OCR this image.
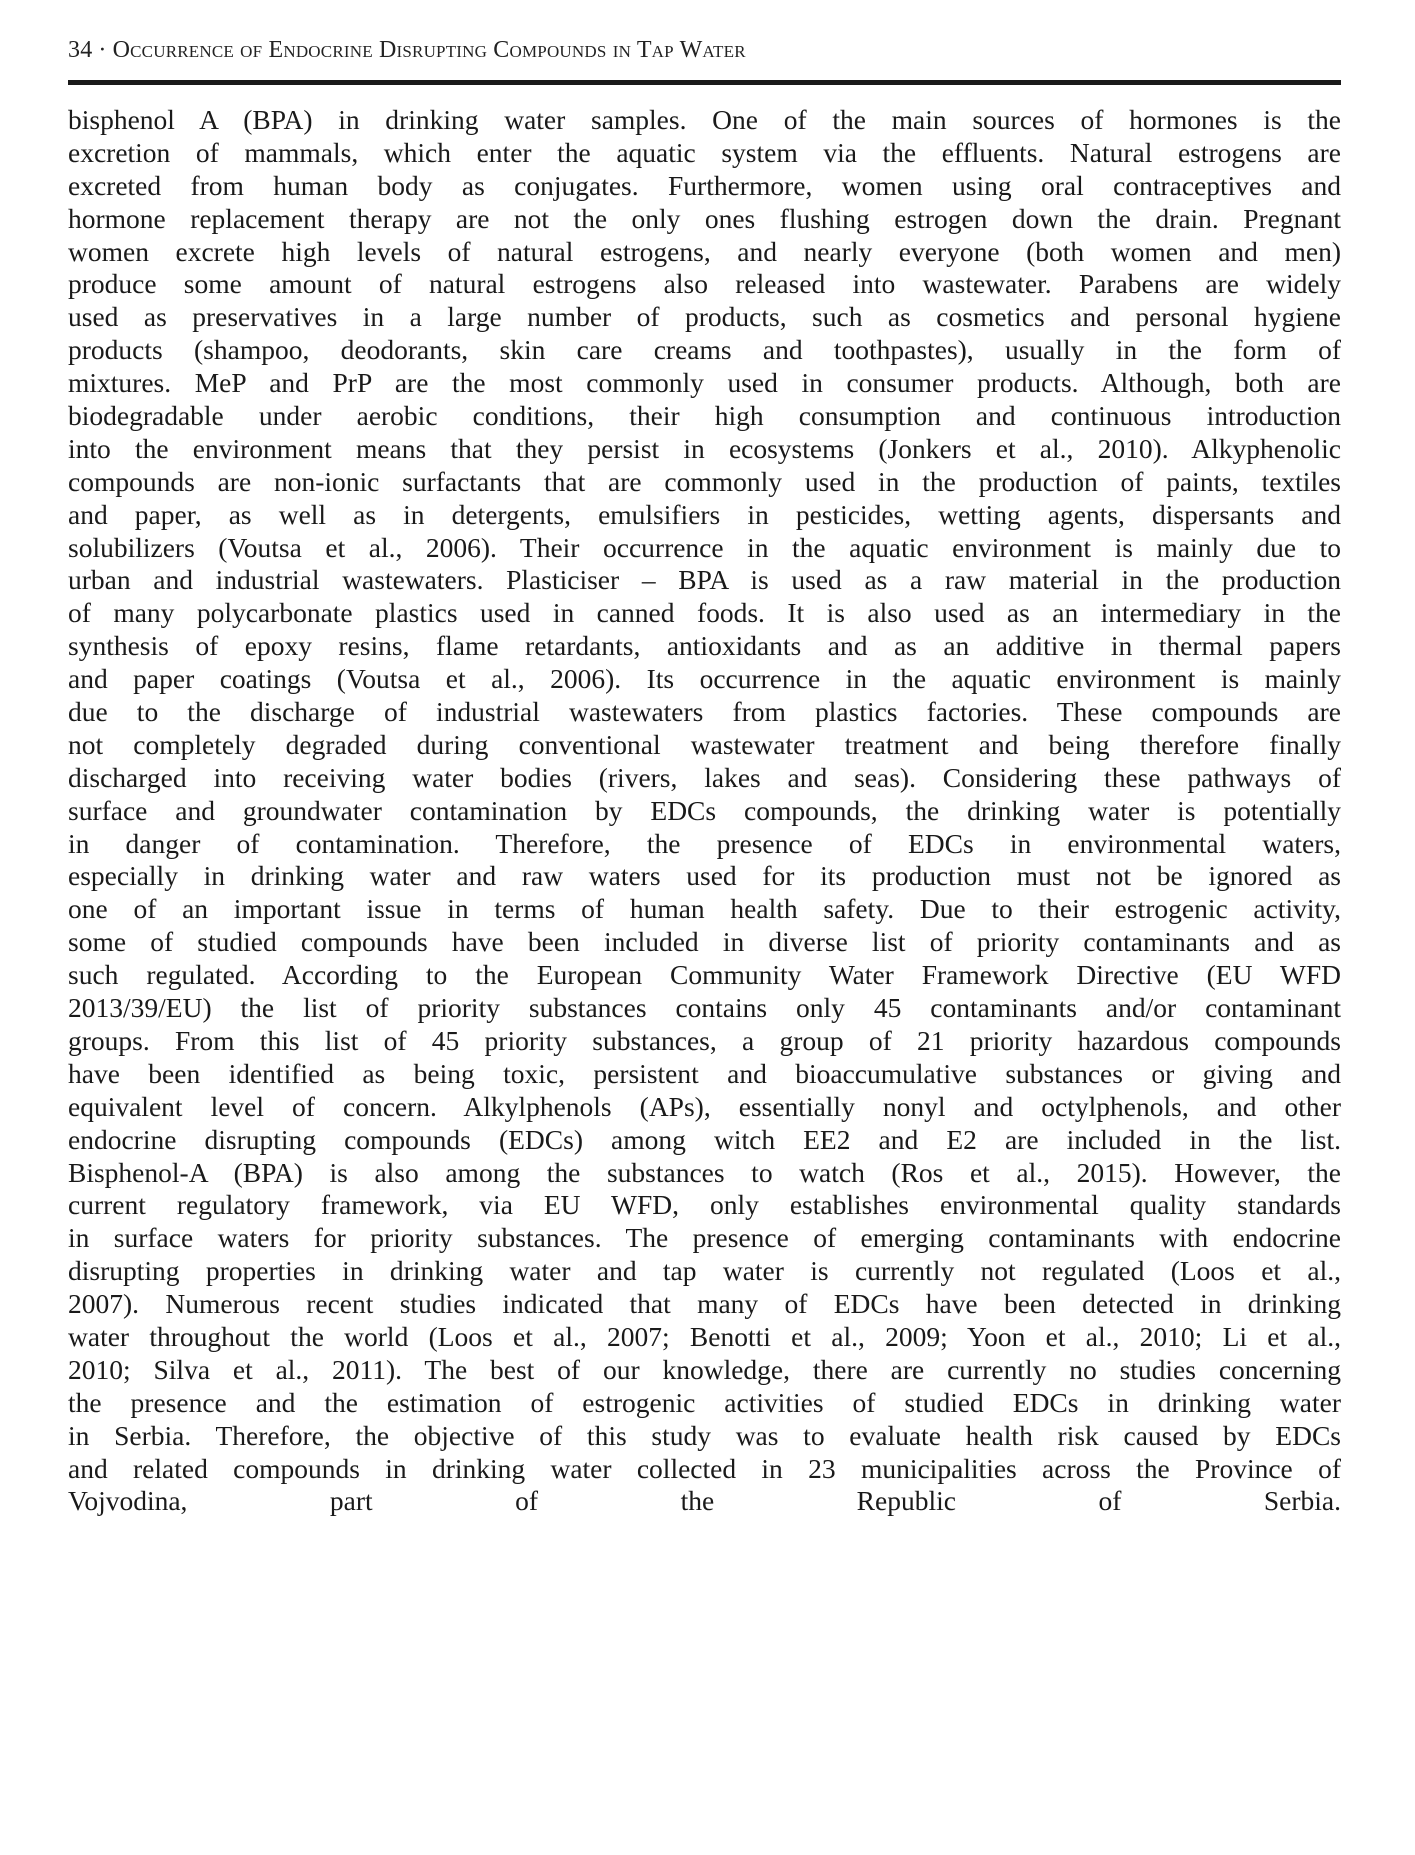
34 · Occurrence of Endocrine Disrupting Compounds in Tap Water
bisphenol A (BPA) in drinking water samples. One of the main sources of hormones is the
excretion of mammals, which enter the aquatic system via the effluents. Natural estrogens are
excreted from human body as conjugates. Furthermore, women using oral contraceptives and
hormone replacement therapy are not the only ones flushing estrogen down the drain. Pregnant
women excrete high levels of natural estrogens, and nearly everyone (both women and men)
produce some amount of natural estrogens also released into wastewater. Parabens are widely
used as preservatives in a large number of products, such as cosmetics and personal hygiene
products (shampoo, deodorants, skin care creams and toothpastes), usually in the form of
mixtures. MeP and PrP are the most commonly used in consumer products. Although, both are
biodegradable under aerobic conditions, their high consumption and continuous introduction
into the environment means that they persist in ecosystems (Jonkers et al., 2010). Alkyphenolic
compounds are non-ionic surfactants that are commonly used in the production of paints, textiles
and paper, as well as in detergents, emulsifiers in pesticides, wetting agents, dispersants and
solubilizers (Voutsa et al., 2006). Their occurrence in the aquatic environment is mainly due to
urban and industrial wastewaters. Plasticiser – BPA is used as a raw material in the production
of many polycarbonate plastics used in canned foods. It is also used as an intermediary in the
synthesis of epoxy resins, flame retardants, antioxidants and as an additive in thermal papers
and paper coatings (Voutsa et al., 2006). Its occurrence in the aquatic environment is mainly
due to the discharge of industrial wastewaters from plastics factories. These compounds are
not completely degraded during conventional wastewater treatment and being therefore finally
discharged into receiving water bodies (rivers, lakes and seas). Considering these pathways of
surface and groundwater contamination by EDCs compounds, the drinking water is potentially
in danger of contamination. Therefore, the presence of EDCs in environmental waters,
especially in drinking water and raw waters used for its production must not be ignored as
one of an important issue in terms of human health safety. Due to their estrogenic activity,
some of studied compounds have been included in diverse list of priority contaminants and as
such regulated. According to the European Community Water Framework Directive (EU WFD
2013/39/EU) the list of priority substances contains only 45 contaminants and/or contaminant
groups. From this list of 45 priority substances, a group of 21 priority hazardous compounds
have been identified as being toxic, persistent and bioaccumulative substances or giving and
equivalent level of concern. Alkylphenols (APs), essentially nonyl and octylphenols, and other
endocrine disrupting compounds (EDCs) among witch EE2 and E2 are included in the list.
Bisphenol-A (BPA) is also among the substances to watch (Ros et al., 2015). However, the
current regulatory framework, via EU WFD, only establishes environmental quality standards
in surface waters for priority substances. The presence of emerging contaminants with endocrine
disrupting properties in drinking water and tap water is currently not regulated (Loos et al.,
2007). Numerous recent studies indicated that many of EDCs have been detected in drinking
water throughout the world (Loos et al., 2007; Benotti et al., 2009; Yoon et al., 2010; Li et al.,
2010; Silva et al., 2011). The best of our knowledge, there are currently no studies concerning
the presence and the estimation of estrogenic activities of studied EDCs in drinking water
in Serbia. Therefore, the objective of this study was to evaluate health risk caused by EDCs
and related compounds in drinking water collected in 23 municipalities across the Province of
Vojvodina, part of the Republic of Serbia.
